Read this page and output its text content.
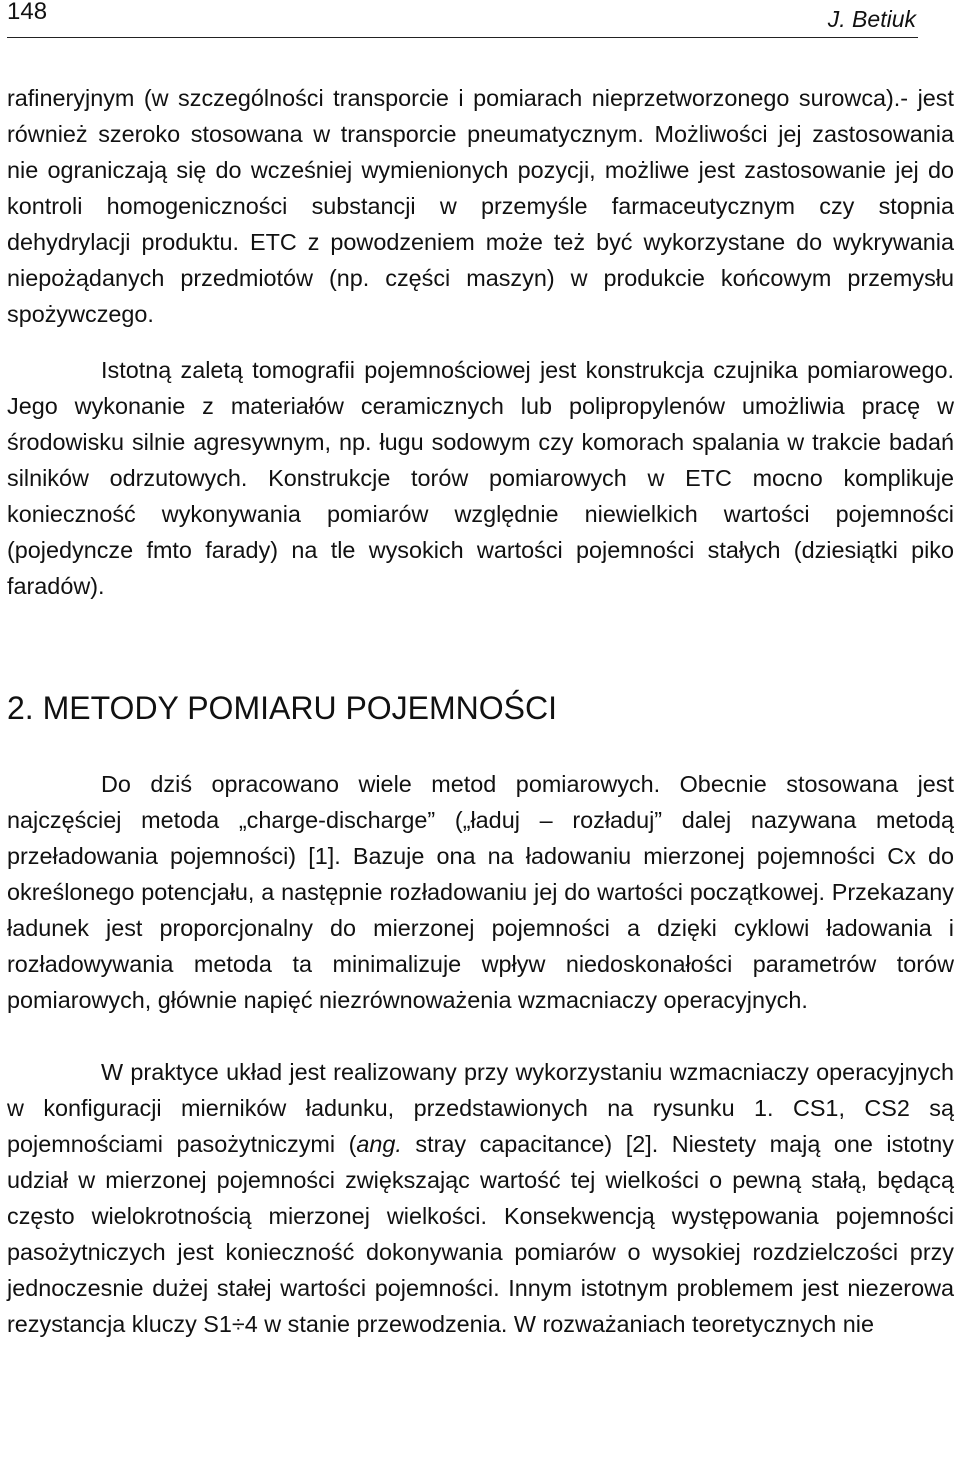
148	J. Betiuk

rafineryjnym (w szczególności transporcie i pomiarach nieprzetworzonego surowca).- jest również szeroko stosowana w transporcie pneumatycznym. Możliwości jej zastosowania nie ograniczają się do wcześniej wymienionych pozycji, możliwe jest zastosowanie jej do kontroli homogeniczności substancji w przemyśle farmaceutycznym czy stopnia dehydrylacji produktu. ETC z powodzeniem może też być wykorzystane do wykrywania niepożądanych przedmiotów (np. części maszyn) w produkcie końcowym przemysłu spożywczego.

Istotną zaletą tomografii pojemnościowej jest konstrukcja czujnika pomiarowego. Jego wykonanie z materiałów ceramicznych lub polipropylenów umożliwia pracę w środowisku silnie agresywnym, np. ługu sodowym czy komorach spalania w trakcie badań silników odrzutowych. Konstrukcje torów pomiarowych w ETC mocno komplikuje konieczność wykonywania pomiarów względnie niewielkich wartości pojemności (pojedyncze fmto farady) na tle wysokich wartości pojemności stałych (dziesiątki piko faradów).

2. METODY POMIARU POJEMNOŚCI

Do dziś opracowano wiele metod pomiarowych. Obecnie stosowana jest najczęściej metoda „charge-discharge” („ładuj – rozładuj” dalej nazywana metodą przeładowania pojemności) [1]. Bazuje ona na ładowaniu mierzonej pojemności Cx do określonego potencjału, a następnie rozładowaniu jej do wartości początkowej. Przekazany ładunek jest proporcjonalny do mierzonej pojemności a dzięki cyklowi ładowania i rozładowywania metoda ta minimalizuje wpływ niedoskonałości parametrów torów pomiarowych, głównie napięć niezrównoważenia wzmacniaczy operacyjnych.

W praktyce układ jest realizowany przy wykorzystaniu wzmacniaczy operacyjnych w konfiguracji mierników ładunku, przedstawionych na rysunku 1. CS1, CS2 są pojemnościami pasożytniczymi (ang. stray capacitance) [2]. Niestety mają one istotny udział w mierzonej pojemności zwiększając wartość tej wielkości o pewną stałą, będącą często wielokrotnością mierzonej wielkości. Konsekwencją występowania pojemności pasożytniczych jest konieczność dokonywania pomiarów o wysokiej rozdzielczości przy jednoczesnie dużej stałej wartości pojemności. Innym istotnym problemem jest niezerowa rezystancja kluczy S1÷4 w stanie przewodzenia. W rozważaniach teoretycznych nie
